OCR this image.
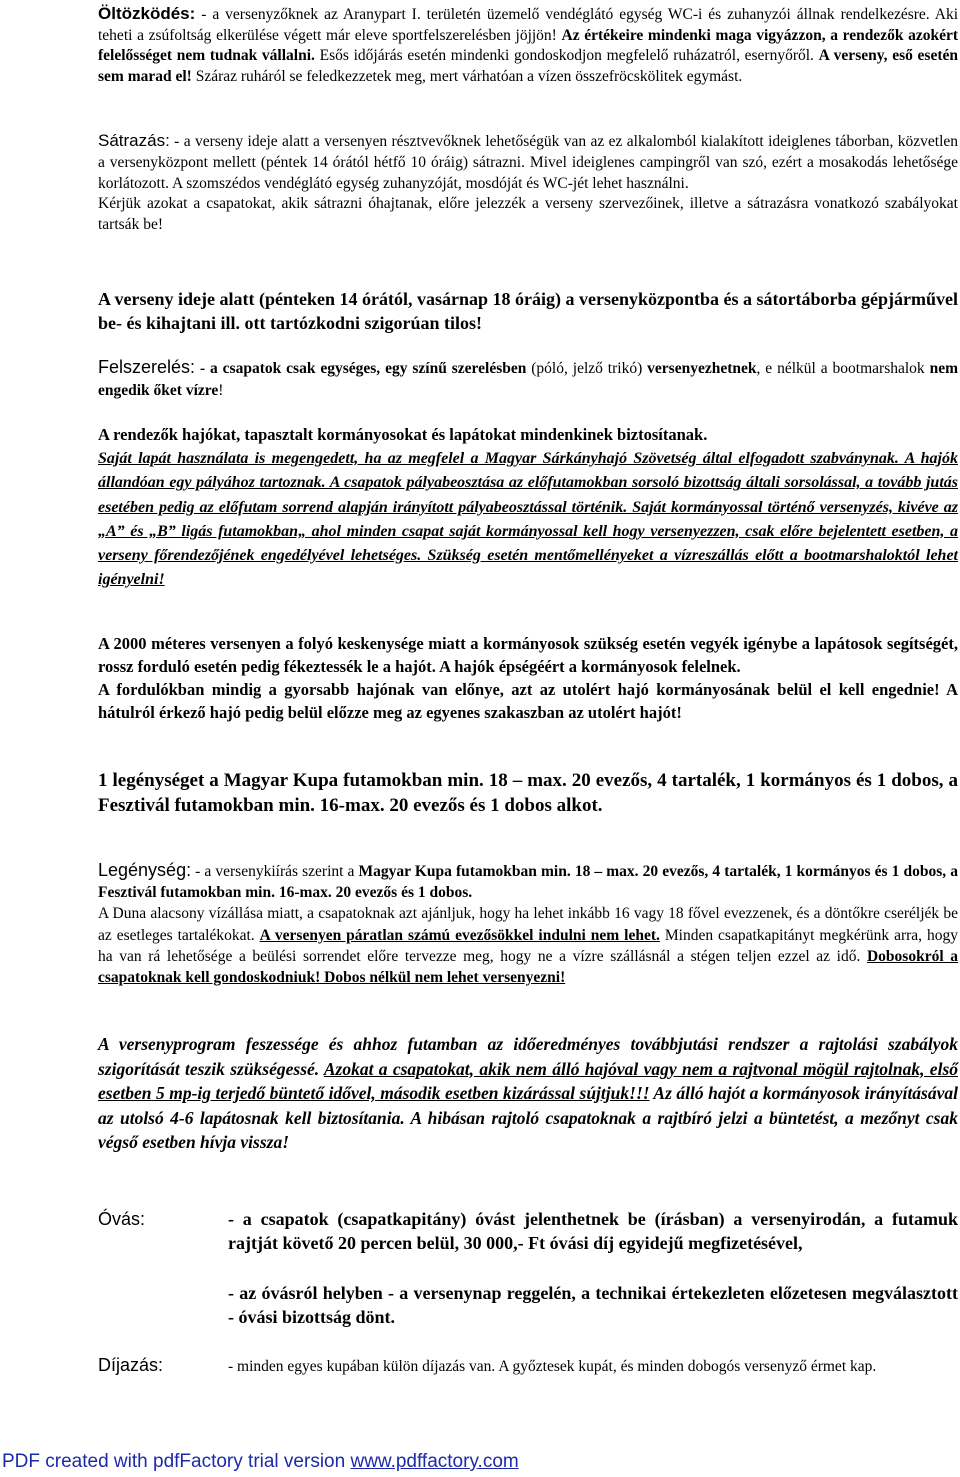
Öltözködés: - a versenyzőknek az Aranypart I. területén üzemelő vendéglátó egység WC-i és zuhanyzói állnak rendelkezésre. Aki teheti a zsúfoltság elkerülése végett már eleve sportfelszerelésben jöjjön! Az értékeire mindenki maga vigyázzon, a rendezők azokért felelősséget nem tudnak vállalni. Esős időjárás esetén mindenki gondoskodjon megfelelő ruházatról, esernyőről. A verseny, eső esetén sem marad el! Száraz ruháról se feledkezzetek meg, mert várhatóan a vízen összefröcskölitek egymást.

Sátrazás: - a verseny ideje alatt a versenyen résztvevőknek lehetőségük van az ez alkalomból kialakított ideiglenes táborban, közvetlen a versenyközpont mellett (péntek 14 órától hétfő 10 óráig) sátrazni. Mivel ideiglenes campingről van szó, ezért a mosakodás lehetősége korlátozott. A szomszédos vendéglátó egység zuhanyzóját, mosdóját és WC-jét lehet használni.

Kérjük azokat a csapatokat, akik sátrazni óhajtanak, előre jelezzék a verseny szervezőinek, illetve a sátrazásra vonatkozó szabályokat tartsák be!

A verseny ideje alatt (pénteken 14 órától, vasárnap 18 óráig) a versenyközpontba és a sátortáborba gépjárművel be- és kihajtani ill. ott tartózkodni szigorúan tilos!
Felszerelés: - a csapatok csak egységes, egy színű szerelésben (póló, jelző trikó) versenyezhetnek, e nélkül a bootmarshalok nem engedik őket vízre!

A rendezők hajókat, tapasztalt kormányosokat és lapátokat mindenkinek biztosítanak.

Saját lapát használata is megengedett, ha az megfelel a Magyar Sárkányhajó Szövetség által elfogadott szabványnak. A hajók állandóan egy pályához tartoznak. A csapatok pályabeosztása az előfutamokban sorsoló bizottság általi sorsolással, a tovább jutás esetében pedig az előfutam sorrend alapján irányított pályabeosztással történik. Saját kormányossal történő versenyzés, kivéve az „A” és „B” ligás futamokban„ ahol minden csapat saját kormányossal kell hogy versenyezzen, csak előre bejelentett esetben, a verseny főrendezőjének engedélyével lehetséges. Szükség esetén mentőmellényeket a vízreszállás előtt a bootmarshaloktól lehet igényelni!

A 2000 méteres versenyen a folyó keskenysége miatt a kormányosok szükség esetén vegyék igénybe a lapátosok segítségét, rossz forduló esetén pedig fékeztessék le a hajót. A hajók épségéért a kormányosok felelnek.

A fordulókban mindig a gyorsabb hajónak van előnye, azt az utolért hajó kormányosának belül el kell engednie! A hátulról érkező hajó pedig belül előzze meg az egyenes szakaszban az utolért hajót!

1 legénységet a Magyar Kupa futamokban min. 18 – max. 20 evezős, 4 tartalék, 1 kormányos és 1 dobos, a Fesztivál futamokban min. 16-max. 20 evezős és 1 dobos alkot.

Legénység: - a versenykiírás szerint a Magyar Kupa futamokban min. 18 – max. 20 evezős, 4 tartalék, 1 kormányos és 1 dobos, a Fesztivál futamokban min. 16-max. 20 evezős és 1 dobos.

A Duna alacsony vízállása miatt, a csapatoknak azt ajánljuk, hogy ha lehet inkább 16 vagy 18 fővel evezzenek, és a döntőkre cseréljék be az esetleges tartalékokat. A versenyen páratlan számú evezősökkel indulni nem lehet. Minden csapatkapitányt megkérünk arra, hogy ha van rá lehetősége a beülési sorrendet előre tervezze meg, hogy ne a vízre szállásnál a stégen teljen ezzel az idő. Dobosokról a csapatoknak kell gondoskodniuk! Dobos nélkül nem lehet versenyezni!

A versenyprogram feszessége és ahhoz futamban az időeredményes továbbjutási rendszer a rajtolási szabályok szigorítását teszik szükségessé. Azokat a csapatokat, akik nem álló hajóval vagy nem a rajtvonal mögül rajtolnak, első esetben 5 mp-ig terjedő büntető idővel, második esetben kizárással sújtjuk!!! Az álló hajót a kormányosok irányításával az utolsó 4-6 lapátosnak kell biztosítania. A hibásan rajtoló csapatoknak a rajtbíró jelzi a büntetést, a mezőnyt csak végső esetben hívja vissza!
Óvás:	- a csapatok (csapatkapitány) óvást jelenthetnek be (írásban) a versenyirodán, a futamuk rajtját követő 20 percen belül, 30 000,- Ft óvási díj egyidejű megfizetésével,

- az óvásról helyben - a versenynap reggelén, a technikai értekezleten előzetesen megválasztott - óvási bizottság dönt.

Díjazás:	- minden egyes kupában külön díjazás van. A győztesek kupát, és minden dobogós versenyző érmet kap.

PDF created with pdfFactory trial version www.pdffactory.com
